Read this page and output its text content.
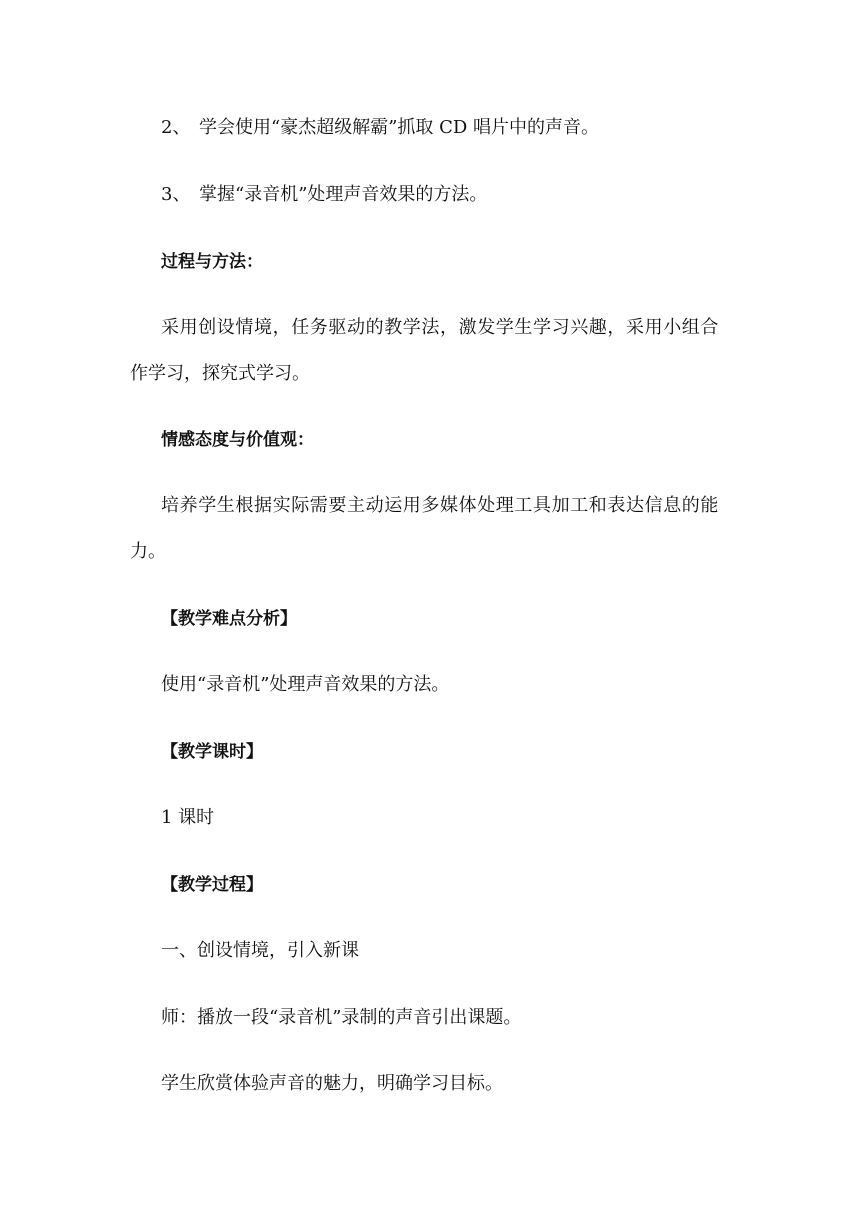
2、 学会使用“豪杰超级解霸”抓取 CD 唱片中的声音。
3、 掌握“录音机”处理声音效果的方法。
过程与方法：
采用创设情境，任务驱动的教学法，激发学生学习兴趣，采用小组合
作学习，探究式学习。
情感态度与价值观：
培养学生根据实际需要主动运用多媒体处理工具加工和表达信息的能
力。
【教学难点分析】
使用“录音机”处理声音效果的方法。
【教学课时】
1 课时
【教学过程】
一、创设情境，引入新课
师：播放一段“录音机”录制的声音引出课题。
学生欣赏体验声音的魅力，明确学习目标。
